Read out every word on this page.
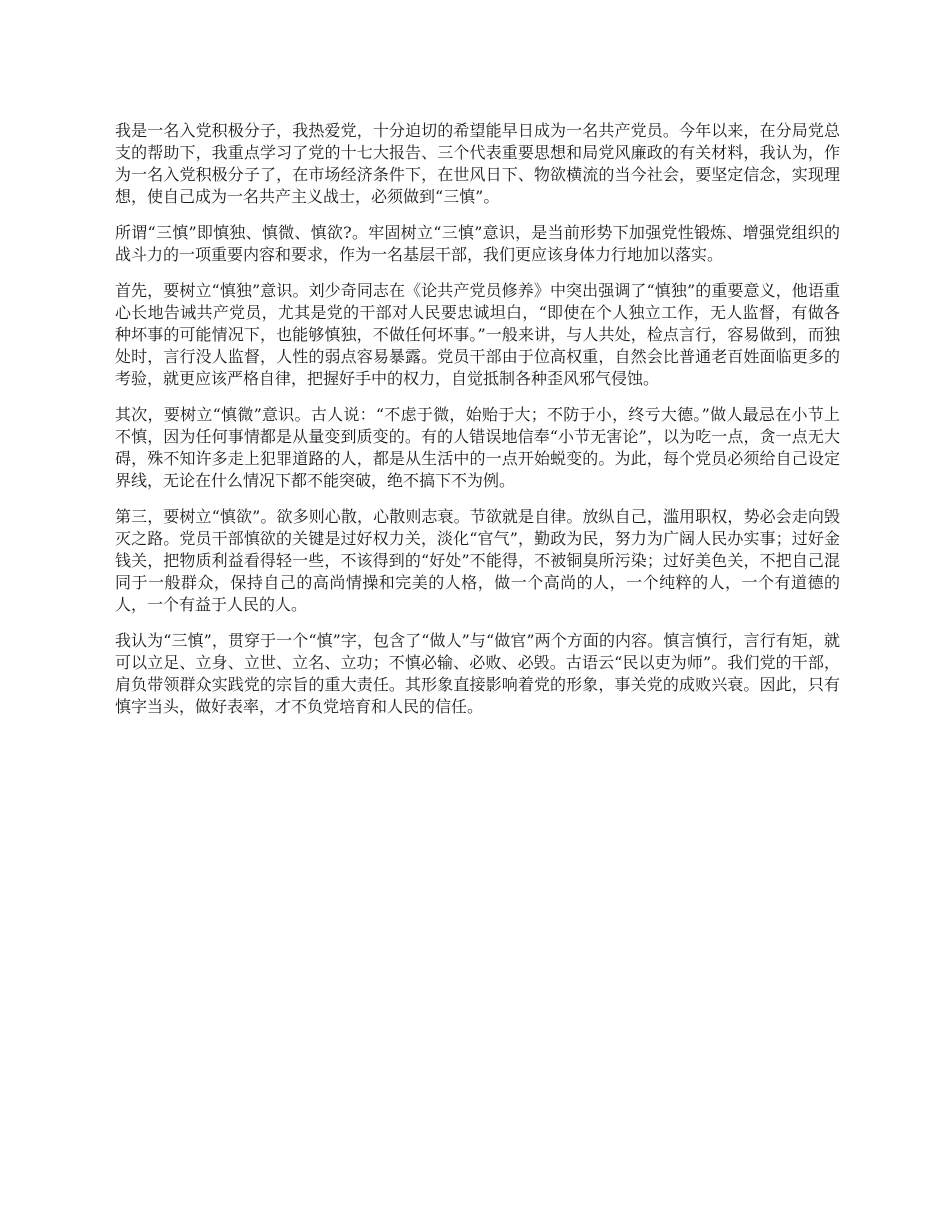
我是一名入党积极分子，我热爱党，十分迫切的希望能早日成为一名共产党员。今年以来，在分局党总支的帮助下，我重点学习了党的十七大报告、三个代表重要思想和局党风廉政的有关材料，我认为，作为一名入党积极分子了，在市场经济条件下，在世风日下、物欲横流的当今社会，要坚定信念，实现理想，使自己成为一名共产主义战士，必须做到“三慎”。

所谓“三慎”即慎独、慎微、慎欲?。牢固树立“三慎”意识，是当前形势下加强党性锻炼、增强党组织的战斗力的一项重要内容和要求，作为一名基层干部，我们更应该身体力行地加以落实。

首先，要树立“慎独”意识。刘少奇同志在《论共产党员修养》中突出强调了“慎独”的重要意义，他语重心长地告诫共产党员，尤其是党的干部对人民要忠诚坦白，“即使在个人独立工作，无人监督，有做各种坏事的可能情况下，也能够慎独，不做任何坏事。”一般来讲，与人共处，检点言行，容易做到，而独处时，言行没人监督，人性的弱点容易暴露。党员干部由于位高权重，自然会比普通老百姓面临更多的考验，就更应该严格自律，把握好手中的权力，自觉抵制各种歪风邪气侵蚀。

其次，要树立“慎微”意识。古人说：“不虑于微，始贻于大；不防于小，终亏大德。”做人最忌在小节上不慎，因为任何事情都是从量变到质变的。有的人错误地信奉“小节无害论”，以为吃一点，贪一点无大碍，殊不知许多走上犯罪道路的人，都是从生活中的一点开始蜕变的。为此，每个党员必须给自己设定界线，无论在什么情况下都不能突破，绝不搞下不为例。

第三，要树立“慎欲”。欲多则心散，心散则志衰。节欲就是自律。放纵自己，滥用职权，势必会走向毁灭之路。党员干部慎欲的关键是过好权力关，淡化“官气”，勤政为民，努力为广阔人民办实事；过好金钱关，把物质利益看得轻一些，不该得到的“好处”不能得，不被铜臭所污染；过好美色关，不把自己混同于一般群众，保持自己的高尚情操和完美的人格，做一个高尚的人，一个纯粹的人，一个有道德的人，一个有益于人民的人。

我认为“三慎”，贯穿于一个“慎”字，包含了“做人”与“做官”两个方面的内容。慎言慎行，言行有矩，就可以立足、立身、立世、立名、立功；不慎必输、必败、必毁。古语云“民以吏为师”。我们党的干部，肩负带领群众实践党的宗旨的重大责任。其形象直接影响着党的形象，事关党的成败兴衰。因此，只有慎字当头，做好表率，才不负党培育和人民的信任。
